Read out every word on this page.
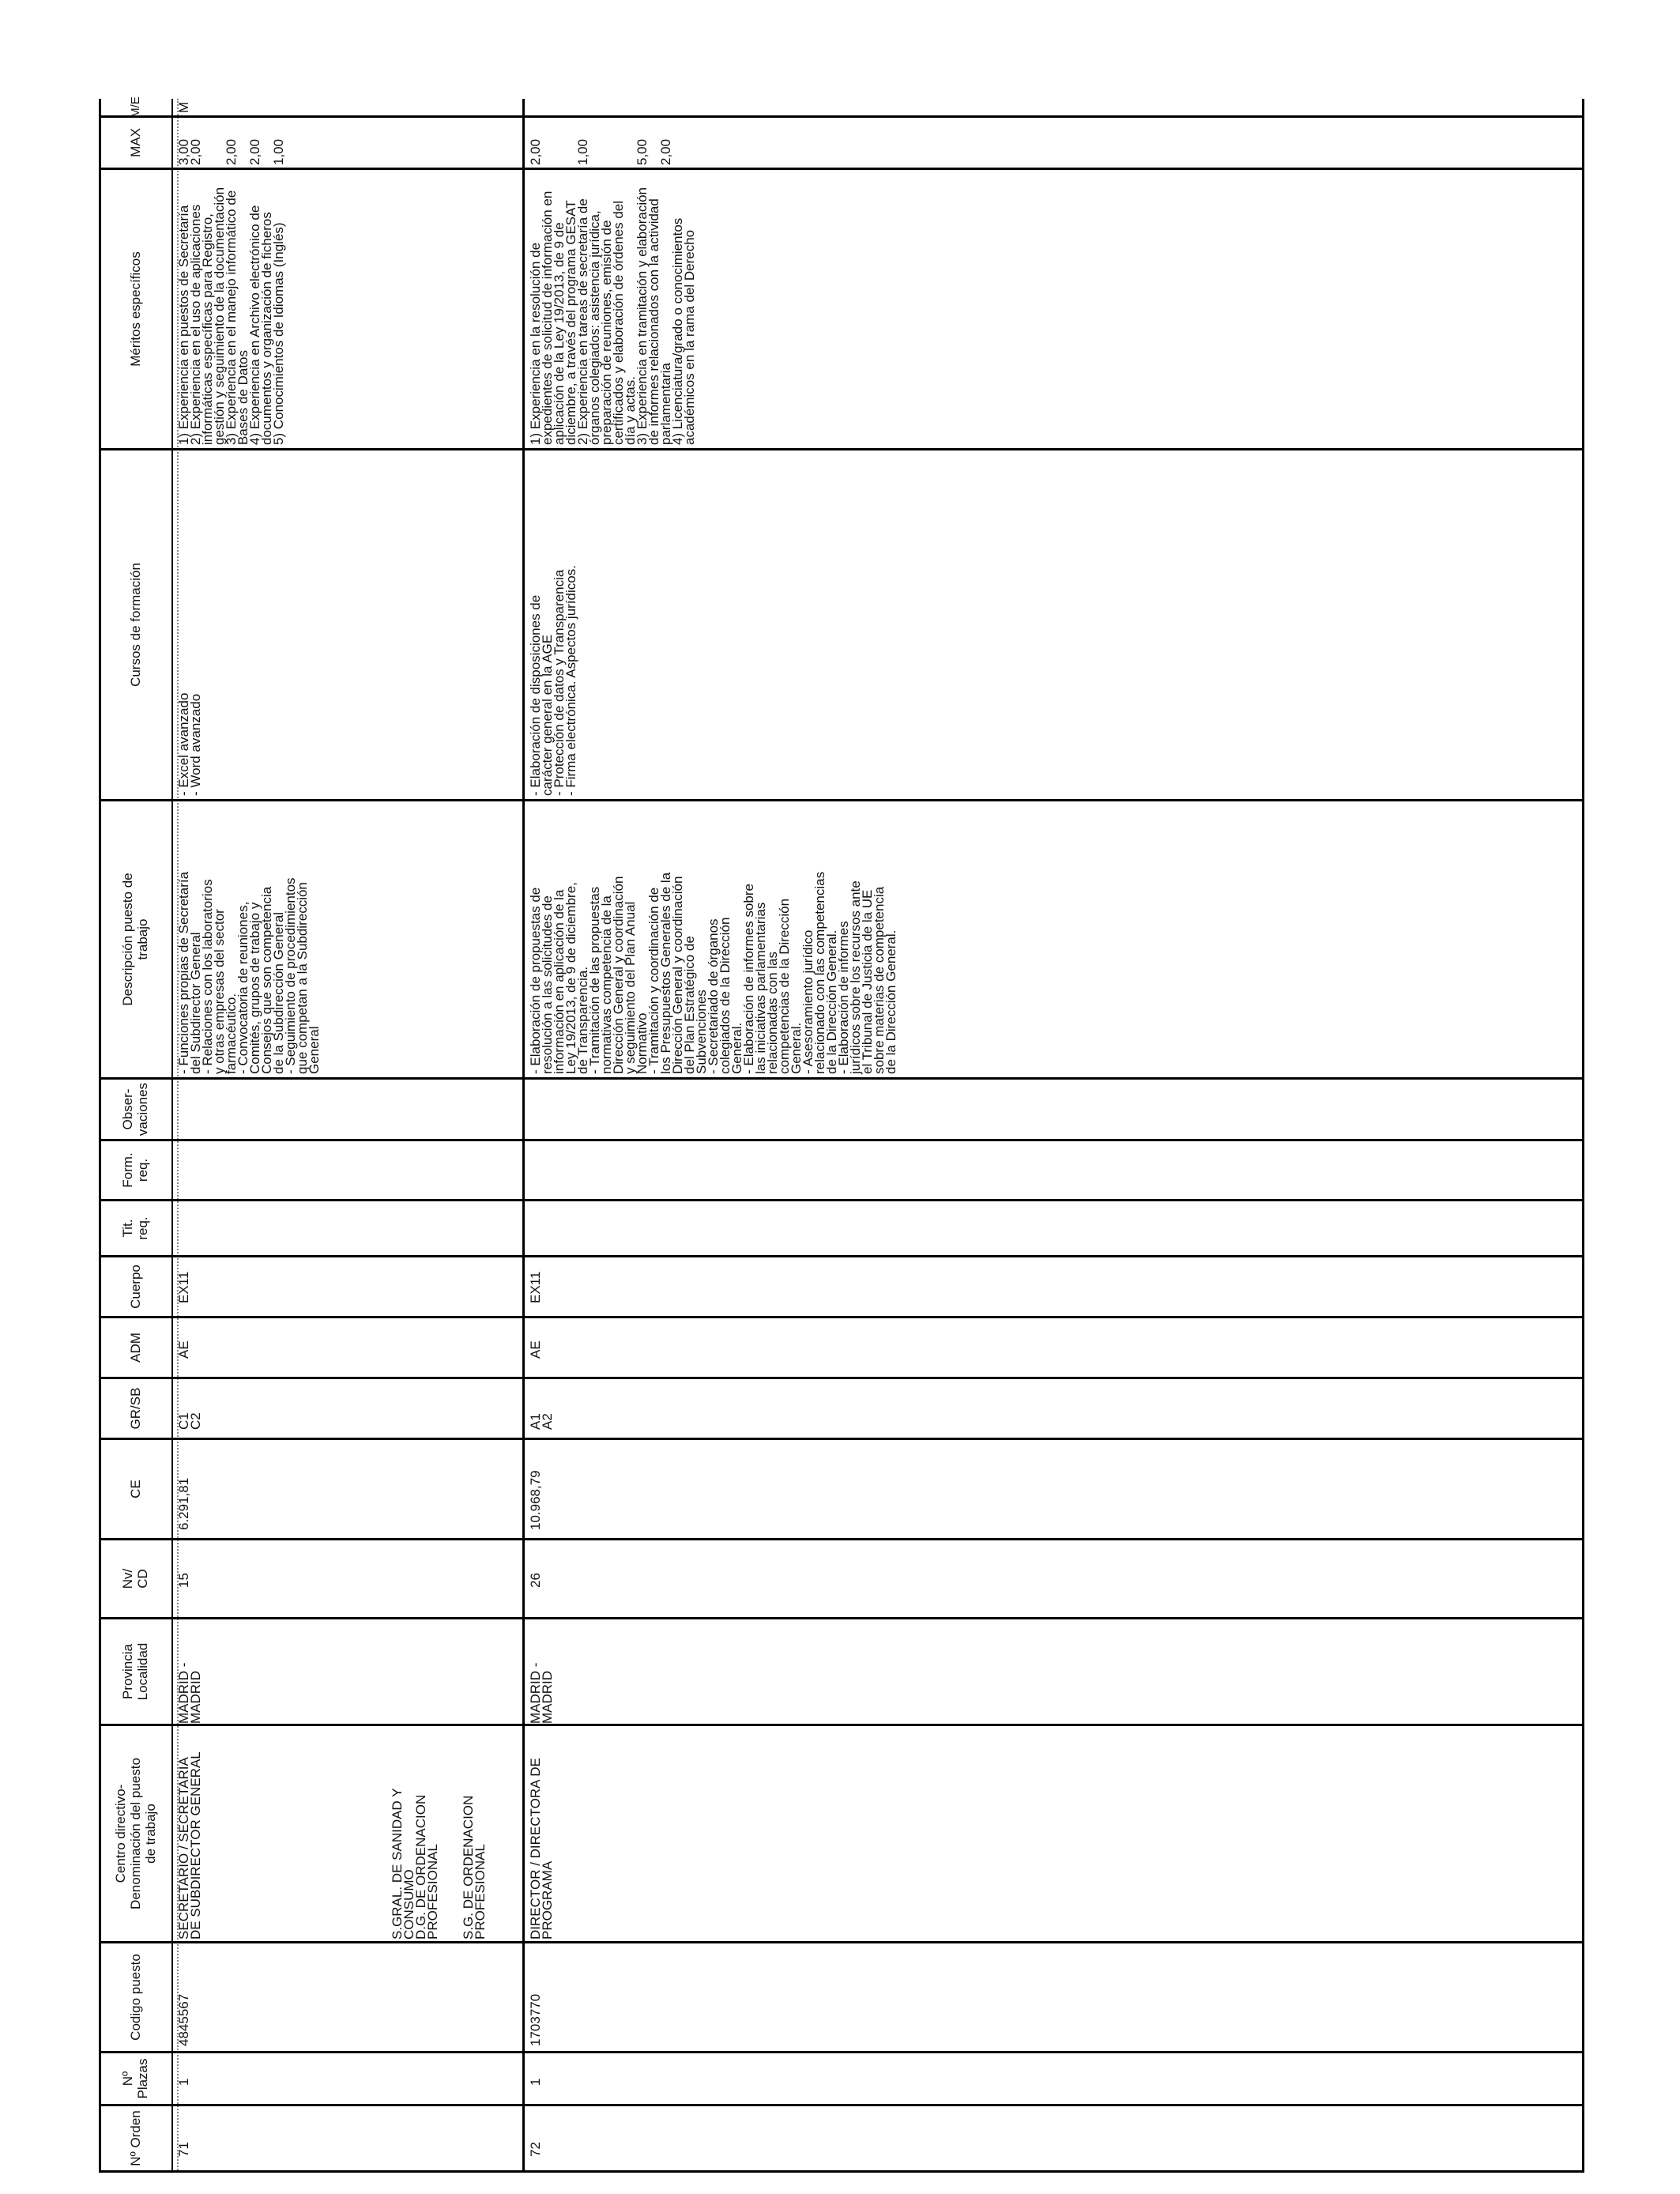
Nº Orden
Nº Plazas
Codigo puesto
Centro directivo-
Denominación del puesto
de trabajo
Provincia
Localidad
Nv/
CD
CE
GR/SB
ADM
Cuerpo
Tit.
req.
Form.
req.
Obser-
vaciones
Descripción puesto de
trabajo
Cursos de formación
Méritos específicos
MAX
M/E
71
1
4845567
SECRETARIO / SECRETARIA
DE SUBDIRECTOR GENERAL
MADRID -
MADRID
15
6.291,81
C1
C2
AE
EX11
- Funciones propias de Secretaría
del Subdirector General
- Relaciones con los laboratorios
y otras empresas del sector
farmacéutico.
- Convocatoria de reuniones,
Comités, grupos de trabajo y
Consejos que son competencia
de la Subdirección General
- Seguimiento de procedimientos
que competan a la Subdirección
General
- Excel avanzado
- Word avanzado
1) Experiencia en puestos de Secretaría
2) Experiencia en el uso de aplicaciones
informáticas específicas para Registro,
gestión y seguimiento de la documentación
3) Experiencia en el manejo informático de
Bases de Datos
4) Experiencia en Archivo electrónico de
documentos y organización de ficheros
5) Conocimientos de Idiomas (Inglés)
3,00
2,00

2,00

2,00

1,00
M
S.GRAL. DE SANIDAD Y
CONSUMO
D.G. DE ORDENACION
PROFESIONAL S.G. DE ORDENACION
PROFESIONAL
72
1
1703770
DIRECTOR / DIRECTORA DE
PROGRAMA
MADRID -
MADRID
26
10.968,79
A1
A2
AE
EX11
- Elaboración de propuestas de
resolución a las solicitudes de
información en aplicación de la
Ley 19/2013, de 9 de diciembre,
de Transparencia.
- Tramitación de las propuestas
normativas competencia de la
Dirección General y coordinación
y seguimiento del Plan Anual
Normativo
- Tramitación y coordinación de
los Presupuestos Generales de la
Dirección General y coordinación
del Plan Estratégico de
Subvenciones
- Secretariado de órganos
colegiados de la Dirección
General.
- Elaboración de informes sobre
las iniciativas parlamentarias
relacionadas con las
competencias de la Dirección
General.
- Asesoramiento jurídico
relacionado con las competencias
de la Dirección General.
- Elaboración de informes
jurídicos sobre los recursos ante
el Tribunal de Justicia de la UE
sobre materias de competencia
de la Dirección General.
- Elaboración de disposiciones de
carácter general en la AGE
- Protección de datos y Transparencia
- Firma electrónica. Aspectos jurídicos.
1) Experiencia en la resolución de
expedientes de solicitud de información en
aplicación de la Ley 19/2013, de 9 de
diciembre, a través del programa GESAT
2) Experiencia en tareas de secretaría de
órganos colegiados: asistencia jurídica,
preparación de reuniones, emisión de
certificados y elaboración de órdenes del
día y actas.
3) Experiencia en tramitación y elaboración
de informes relacionados con la actividad
parlamentaria
4) Licenciatura/grado o conocimientos
académicos en la rama del Derecho
2,00

1,00

5,00

2,00
